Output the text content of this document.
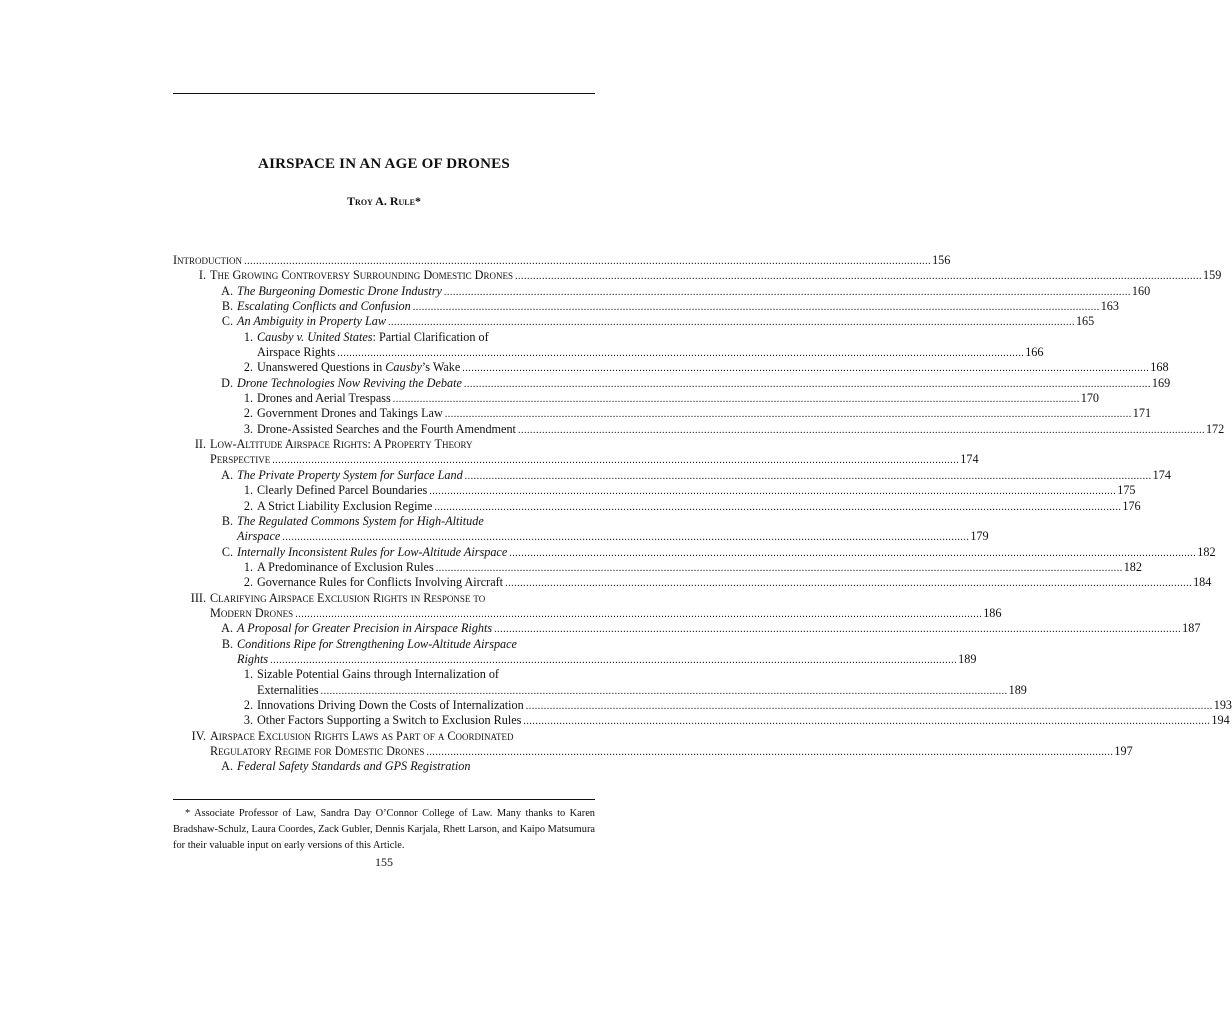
AIRSPACE IN AN AGE OF DRONES
Troy A. Rule*
Introduction .....	156
I. The Growing Controversy Surrounding Domestic Drones .....	159
A. The Burgeoning Domestic Drone Industry .....	160
B. Escalating Conflicts and Confusion .....	163
C. An Ambiguity in Property Law .....	165
1. Causby v. United States: Partial Clarification of
Airspace Rights .....	166
2. Unanswered Questions in Causby’s Wake .....	168
D. Drone Technologies Now Reviving the Debate .....	169
1. Drones and Aerial Trespass .....	170
2. Government Drones and Takings Law .....	171
3. Drone-Assisted Searches and the Fourth Amendment .....	172
II. Low-Altitude Airspace Rights: A Property Theory
Perspective .....	174
A. The Private Property System for Surface Land .....	174
1. Clearly Defined Parcel Boundaries .....	175
2. A Strict Liability Exclusion Regime .....	176
B. The Regulated Commons System for High-Altitude
Airspace .....	179
C. Internally Inconsistent Rules for Low-Altitude Airspace .....	182
1. A Predominance of Exclusion Rules .....	182
2. Governance Rules for Conflicts Involving Aircraft .....	184
III. Clarifying Airspace Exclusion Rights in Response to
Modern Drones .....	186
A. A Proposal for Greater Precision in Airspace Rights .....	187
B. Conditions Ripe for Strengthening Low-Altitude Airspace
Rights .....	189
1. Sizable Potential Gains through Internalization of
Externalities .....	189
2. Innovations Driving Down the Costs of Internalization .....	193
3. Other Factors Supporting a Switch to Exclusion Rules .....	194
IV. Airspace Exclusion Rights Laws as Part of a Coordinated
Regulatory Regime for Domestic Drones .....	197
A. Federal Safety Standards and GPS Registration
* Associate Professor of Law, Sandra Day O’Connor College of Law. Many thanks to Karen Bradshaw-Schulz, Laura Coordes, Zack Gubler, Dennis Karjala, Rhett Larson, and Kaipo Matsumura for their valuable input on early versions of this Article.
155
